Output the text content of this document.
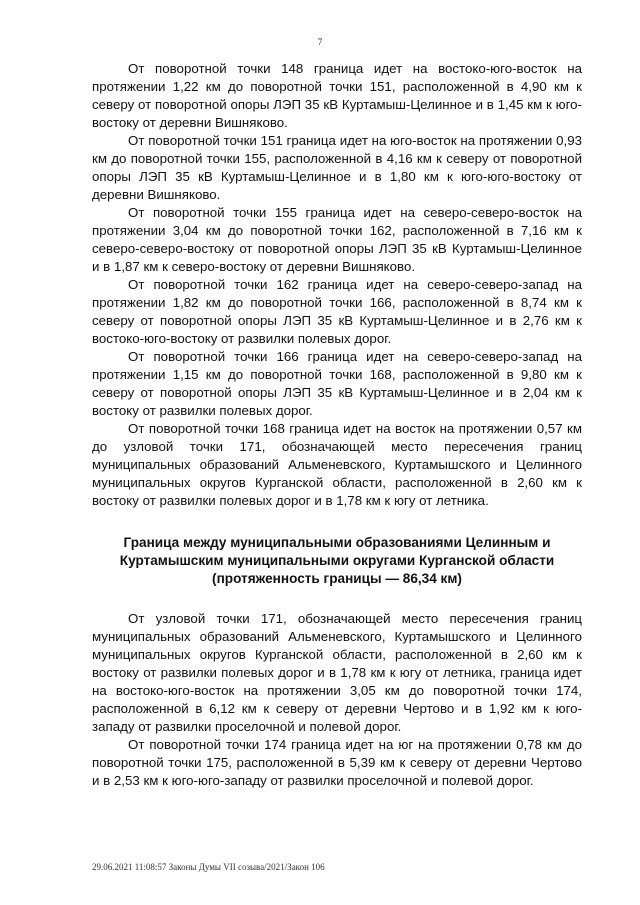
7

От поворотной точки 148 граница идет на востоко-юго-восток на протяжении 1,22 км до поворотной точки 151, расположенной в 4,90 км к северу от поворотной опоры ЛЭП 35 кВ Куртамыш-Целинное и в 1,45 км к юго-востоку от деревни Вишняково.

От поворотной точки 151 граница идет на юго-восток на протяжении 0,93 км до поворотной точки 155, расположенной в 4,16 км к северу от поворотной опоры ЛЭП 35 кВ Куртамыш-Целинное и в 1,80 км к юго-юго-востоку от деревни Вишняково.

От поворотной точки 155 граница идет на северо-северо-восток на протяжении 3,04 км до поворотной точки 162, расположенной в 7,16 км к северо-северо-востоку от поворотной опоры ЛЭП 35 кВ Куртамыш-Целинное и в 1,87 км к северо-востоку от деревни Вишняково.

От поворотной точки 162 граница идет на северо-северо-запад на протяжении 1,82 км до поворотной точки 166, расположенной в 8,74 км к северу от поворотной опоры ЛЭП 35 кВ Куртамыш-Целинное и в 2,76 км к востоко-юго-востоку от развилки полевых дорог.

От поворотной точки 166 граница идет на северо-северо-запад на протяжении 1,15 км до поворотной точки 168, расположенной в 9,80 км к северу от поворотной опоры ЛЭП 35 кВ Куртамыш-Целинное и в 2,04 км к востоку от развилки полевых дорог.

От поворотной точки 168 граница идет на восток на протяжении 0,57 км до узловой точки 171, обозначающей место пересечения границ муниципальных образований Альменевского, Куртамышского и Целинного муниципальных округов Курганской области, расположенной в 2,60 км к востоку от развилки полевых дорог и в 1,78 км к югу от летника.

Граница между муниципальными образованиями Целинным и Куртамышским муниципальными округами Курганской области (протяженность границы — 86,34 км)

От узловой точки 171, обозначающей место пересечения границ муниципальных образований Альменевского, Куртамышского и Целинного муниципальных округов Курганской области, расположенной в 2,60 км к востоку от развилки полевых дорог и в 1,78 км к югу от летника, граница идет на востоко-юго-восток на протяжении 3,05 км до поворотной точки 174, расположенной в 6,12 км к северу от деревни Чертово и в 1,92 км к юго-западу от развилки проселочной и полевой дорог.

От поворотной точки 174 граница идет на юг на протяжении 0,78 км до поворотной точки 175, расположенной в 5,39 км к северу от деревни Чертово и в 2,53 км к юго-юго-западу от развилки проселочной и полевой дорог.

29.06.2021 11:08:57 Законы Думы VII созыва/2021/Закон 106
